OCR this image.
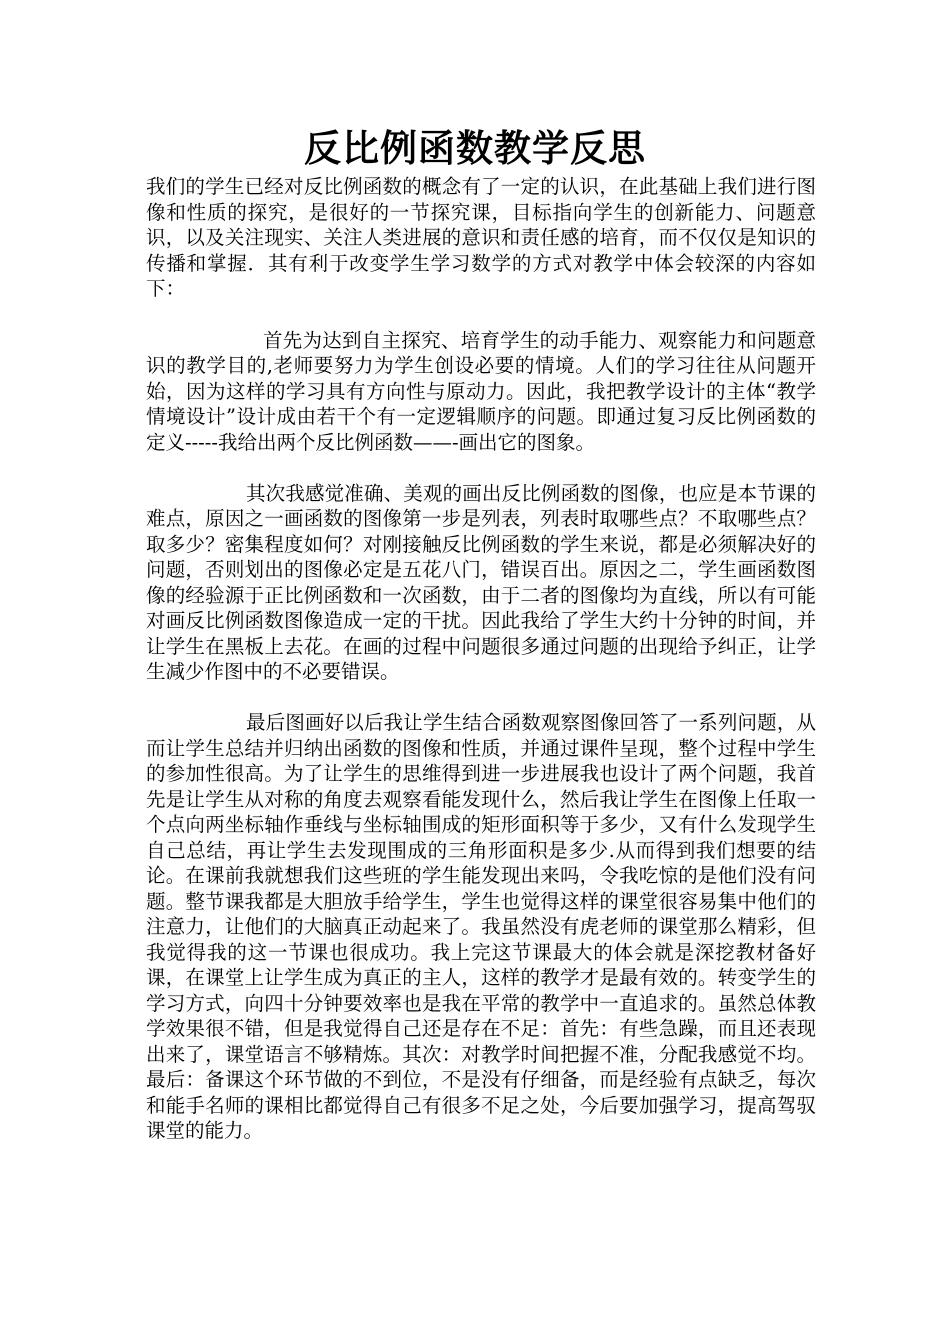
反比例函数教学反思

我们的学生已经对反比例函数的概念有了一定的认识，在此基础上我们进行图像和性质的探究，是很好的一节探究课，目标指向学生的创新能力、问题意识，以及关注现实、关注人类进展的意识和责任感的培育，而不仅仅是知识的传播和掌握．其有利于改变学生学习数学的方式对教学中体会较深的内容如下：

首先为达到自主探究、培育学生的动手能力、观察能力和问题意识的教学目的,老师要努力为学生创设必要的情境。人们的学习往往从问题开始，因为这样的学习具有方向性与原动力。因此，我把教学设计的主体“教学情境设计”设计成由若干个有一定逻辑顺序的问题。即通过复习反比例函数的定义-----我给出两个反比例函数——-画出它的图象。

其次我感觉准确、美观的画出反比例函数的图像，也应是本节课的难点，原因之一画函数的图像第一步是列表，列表时取哪些点？不取哪些点？取多少？密集程度如何？对刚接触反比例函数的学生来说，都是必须解决好的问题，否则划出的图像必定是五花八门，错误百出。原因之二，学生画函数图像的经验源于正比例函数和一次函数，由于二者的图像均为直线，所以有可能对画反比例函数图像造成一定的干扰。因此我给了学生大约十分钟的时间，并让学生在黑板上去花。在画的过程中问题很多通过问题的出现给予纠正，让学生减少作图中的不必要错误。

最后图画好以后我让学生结合函数观察图像回答了一系列问题，从而让学生总结并归纳出函数的图像和性质，并通过课件呈现，整个过程中学生的参加性很高。为了让学生的思维得到进一步进展我也设计了两个问题，我首先是让学生从对称的角度去观察看能发现什么，然后我让学生在图像上任取一个点向两坐标轴作垂线与坐标轴围成的矩形面积等于多少，又有什么发现学生自己总结，再让学生去发现围成的三角形面积是多少.从而得到我们想要的结论。在课前我就想我们这些班的学生能发现出来吗，令我吃惊的是他们没有问题。整节课我都是大胆放手给学生，学生也觉得这样的课堂很容易集中他们的注意力，让他们的大脑真正动起来了。我虽然没有虎老师的课堂那么精彩，但我觉得我的这一节课也很成功。我上完这节课最大的体会就是深挖教材备好课，在课堂上让学生成为真正的主人，这样的教学才是最有效的。转变学生的学习方式，向四十分钟要效率也是我在平常的教学中一直追求的。虽然总体教学效果很不错，但是我觉得自己还是存在不足：首先：有些急躁，而且还表现出来了，课堂语言不够精炼。其次：对教学时间把握不准，分配我感觉不均。最后：备课这个环节做的不到位，不是没有仔细备，而是经验有点缺乏，每次和能手名师的课相比都觉得自己有很多不足之处，今后要加强学习，提高驾驭课堂的能力。
